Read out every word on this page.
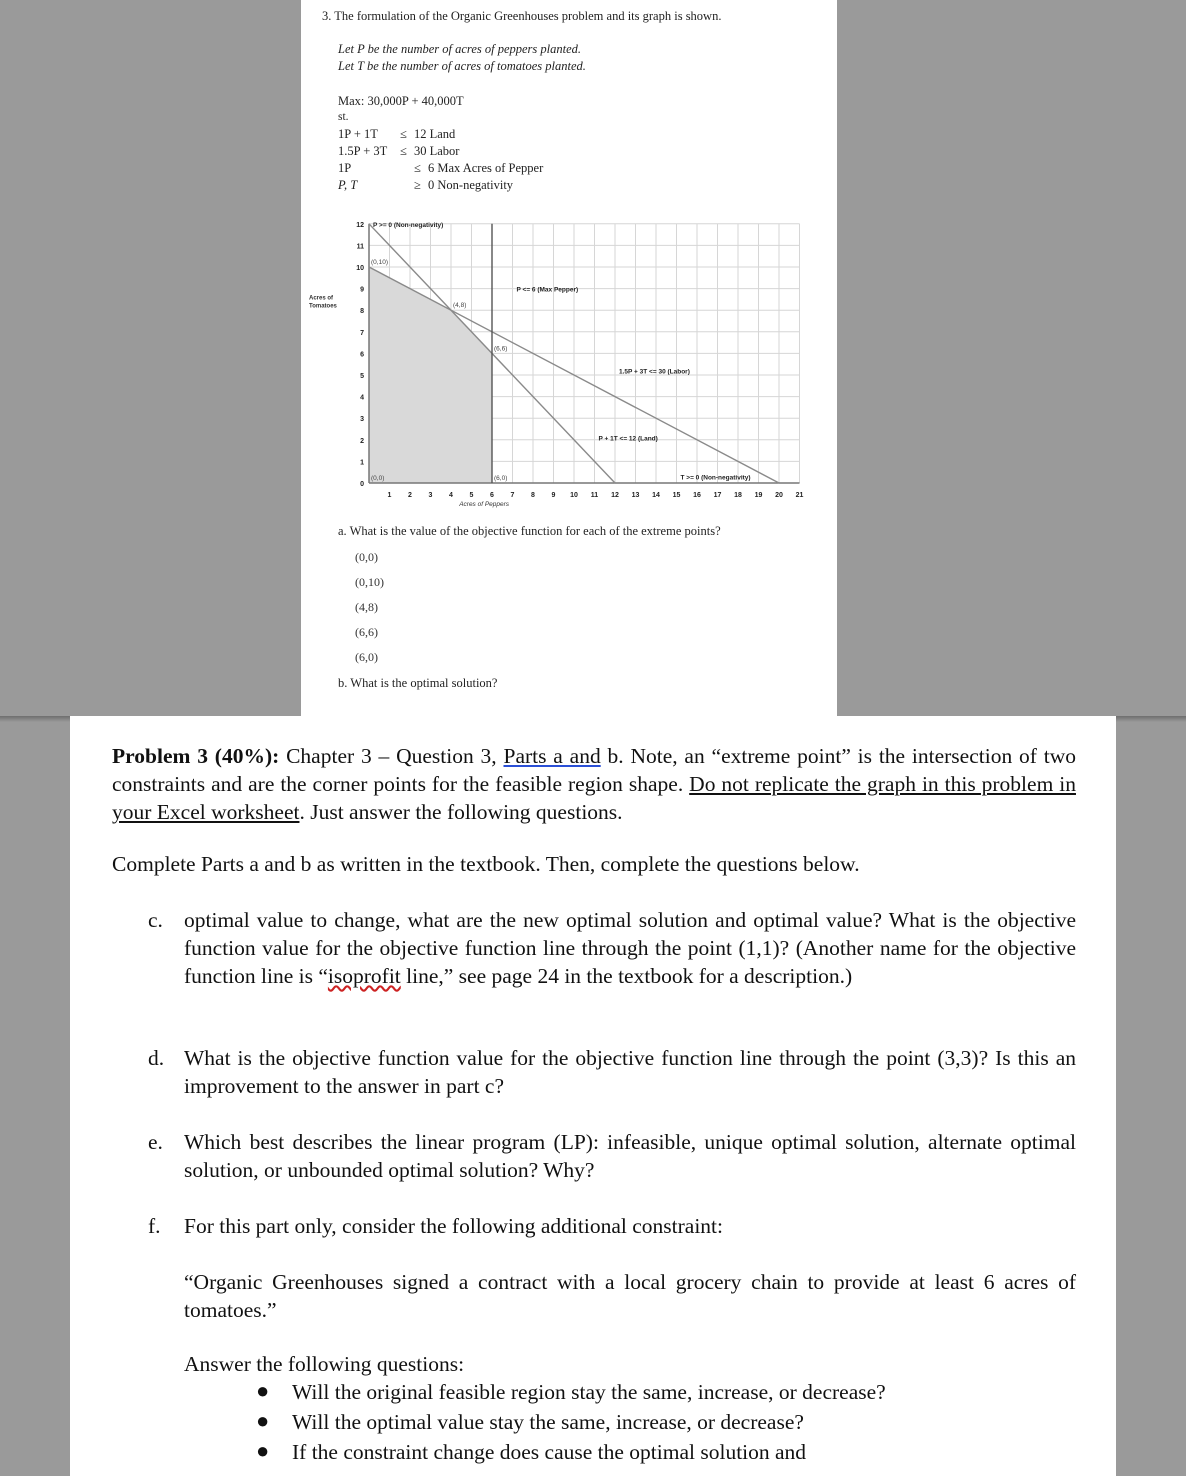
3. The formulation of the Organic Greenhouses problem and its graph is shown.
Let P be the number of acres of peppers planted.
Let T be the number of acres of tomatoes planted.
Max: 30,000P + 40,000T
st.
1P + 1T ≤ 12 Land
1.5P + 3T ≤ 30 Labor
1P	≤ 6 Max Acres of Pepper
P, T	≥ 0 Non-negativity
1 2 3 4 5 6 7 8 9 10 11 12 13 14 15 16 17 18 19 20 21
1
2
3
4
5
6
7
8
9
10
11
12
0
Acres of Peppers
Acres of
Tomatoes
P >= 0 (Non-negativity)
P <= 6 (Max Pepper)
1.5P + 3T <= 30 (Labor)
P + 1T <= 12 (Land)
T >= 0 (Non-negativity)
(0,10)
(4,8)
(6,6)
(6,0)
(0,0)
a. What is the value of the objective function for each of the extreme points?
(0,0)
(0,10)
(4,8)
(6,6)
(6,0)
b. What is the optimal solution?
Problem 3 (40%): Chapter 3 – Question 3, Parts a and b. Note, an “extreme point” is the intersection of two constraints and are the corner points for the feasible region shape. Do not replicate the graph in this problem in your Excel worksheet. Just answer the following questions.
Complete Parts a and b as written in the textbook. Then, complete the questions below.
c. optimal value to change, what are the new optimal solution and optimal value? What is the objective function value for the objective function line through the point (1,1)? (Another name for the objective function line is “isoprofit line,” see page 24 in the textbook for a description.)
d. What is the objective function value for the objective function line through the point (3,3)? Is this an improvement to the answer in part c?
e. Which best describes the linear program (LP): infeasible, unique optimal solution, alternate optimal solution, or unbounded optimal solution? Why?
f. For this part only, consider the following additional constraint:
“Organic Greenhouses signed a contract with a local grocery chain to provide at least 6 acres of tomatoes.”
Answer the following questions:
● Will the original feasible region stay the same, increase, or decrease?
● Will the optimal value stay the same, increase, or decrease?
● If the constraint change does cause the optimal solution and
